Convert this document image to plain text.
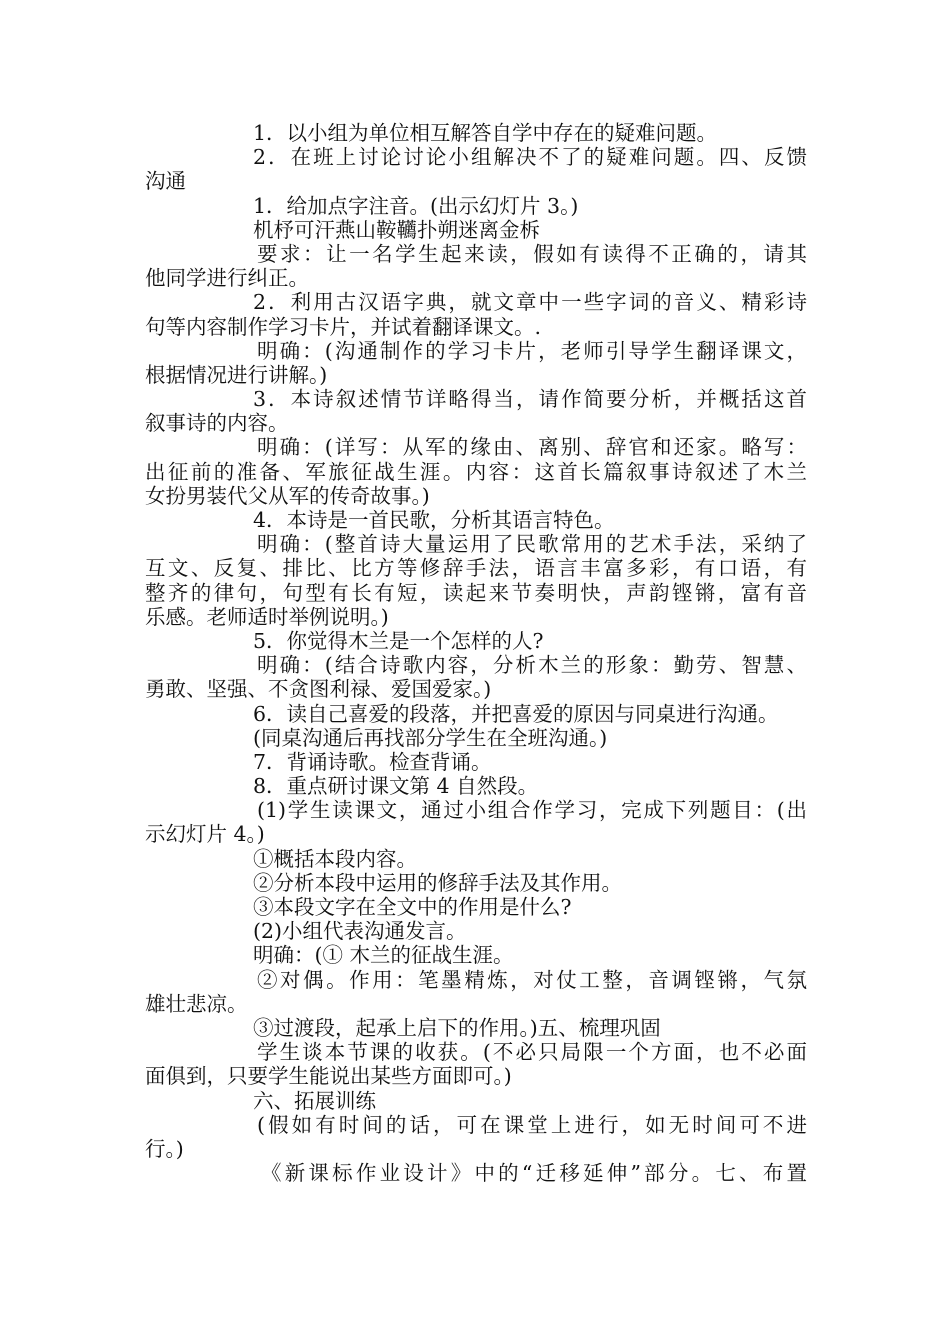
1．以小组为单位相互解答自学中存在的疑难问题。
2．在班上讨论讨论小组解决不了的疑难问题。四、反馈
沟通
1．给加点字注音。(出示幻灯片 3。)
机杼可汗燕山鞍韉扑朔迷离金柝
要求：让一名学生起来读，假如有读得不正确的，请其
他同学进行纠正。
2．利用古汉语字典，就文章中一些字词的音义、精彩诗
句等内容制作学习卡片，并试着翻译课文。.
明确：(沟通制作的学习卡片，老师引导学生翻译课文，
根据情况进行讲解。)
3．本诗叙述情节详略得当，请作简要分析，并概括这首
叙事诗的内容。
明确：(详写：从军的缘由、离别、辞官和还家。略写：
出征前的准备、军旅征战生涯。内容：这首长篇叙事诗叙述了木兰
女扮男装代父从军的传奇故事。)
4．本诗是一首民歌，分析其语言特色。
明确：(整首诗大量运用了民歌常用的艺术手法，采纳了
互文、反复、排比、比方等修辞手法，语言丰富多彩，有口语，有
整齐的律句，句型有长有短，读起来节奏明快，声韵铿锵，富有音
乐感。老师适时举例说明。)
5．你觉得木兰是一个怎样的人?
明确：(结合诗歌内容，分析木兰的形象：勤劳、智慧、
勇敢、坚强、不贪图利禄、爱国爱家。)
6．读自己喜爱的段落，并把喜爱的原因与同桌进行沟通。
(同桌沟通后再找部分学生在全班沟通。)
7．背诵诗歌。检查背诵。
8．重点研讨课文第 4 自然段。
(1)学生读课文，通过小组合作学习，完成下列题目：(出
示幻灯片 4。)
①概括本段内容。
②分析本段中运用的修辞手法及其作用。
③本段文字在全文中的作用是什么?
(2)小组代表沟通发言。
明确：(① 木兰的征战生涯。
②对偶。作用：笔墨精炼，对仗工整，音调铿锵，气氛
雄壮悲凉。
③过渡段，起承上启下的作用。)五、梳理巩固
学生谈本节课的收获。(不必只局限一个方面，也不必面
面俱到，只要学生能说出某些方面即可。)
六、拓展训练
(假如有时间的话，可在课堂上进行，如无时间可不进
行。)
《新课标作业设计》中的“迁移延伸”部分。七、布置
